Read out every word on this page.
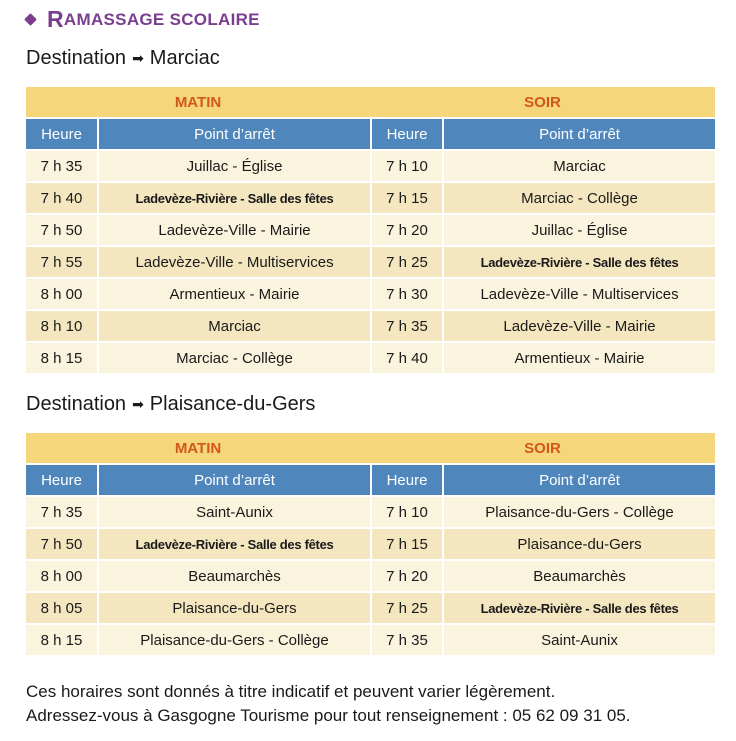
R AMASSAGE SCOLAIRE
Destination ➡ Marciac
MATIN		SOIR	
Heure	Point d’arrêt	Heure	Point d’arrêt
7 h 35	Juillac - Église	7 h 10	Marciac
7 h 40	Ladevèze-Rivière - Salle des fêtes	7 h 15	Marciac - Collège
7 h 50	Ladevèze-Ville - Mairie	7 h 20	Juillac - Église
7 h 55	Ladevèze-Ville - Multiservices	7 h 25	Ladevèze-Rivière - Salle des fêtes
8 h 00	Armentieux - Mairie	7 h 30	Ladevèze-Ville - Multiservices
8 h 10	Marciac	7 h 35	Ladevèze-Ville - Mairie
8 h 15	Marciac - Collège	7 h 40	Armentieux - Mairie
Destination ➡ Plaisance-du-Gers
MATIN		SOIR	
Heure	Point d’arrêt	Heure	Point d’arrêt
7 h 35	Saint-Aunix	7 h 10	Plaisance-du-Gers - Collège
7 h 50	Ladevèze-Rivière - Salle des fêtes	7 h 15	Plaisance-du-Gers
8 h 00	Beaumarchès	7 h 20	Beaumarchès
8 h 05	Plaisance-du-Gers	7 h 25	Ladevèze-Rivière - Salle des fêtes
8 h 15	Plaisance-du-Gers - Collège	7 h 35	Saint-Aunix
Ces horaires sont donnés à titre indicatif et peuvent varier légèrement.
Adressez-vous à Gasgogne Tourisme pour tout renseignement : 05 62 09 31 05.
